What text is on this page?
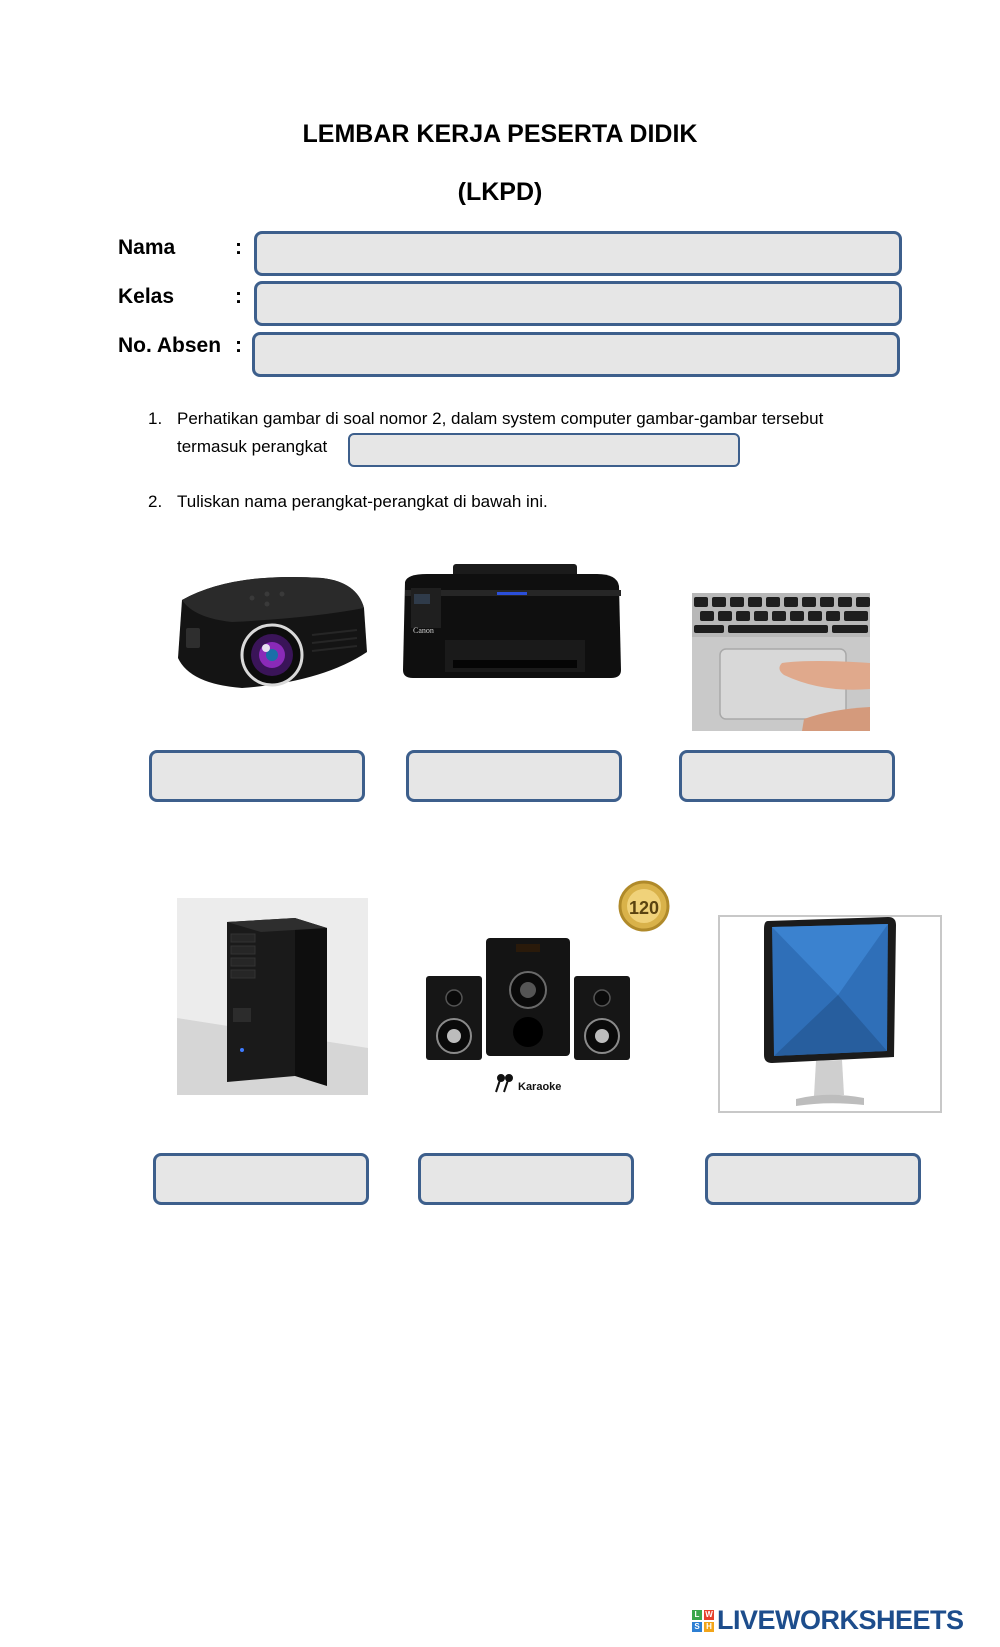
LEMBAR KERJA PESERTA DIDIK
(LKPD)
Nama	:
Kelas	:
No. Absen :
1. Perhatikan gambar di soal nomor 2, dalam system computer gambar-gambar tersebut
termasuk perangkat
2. Tuliskan nama perangkat-perangkat di bawah ini.
Canon
120
Karaoke
L W
S H LIVEWORKSHEETS
